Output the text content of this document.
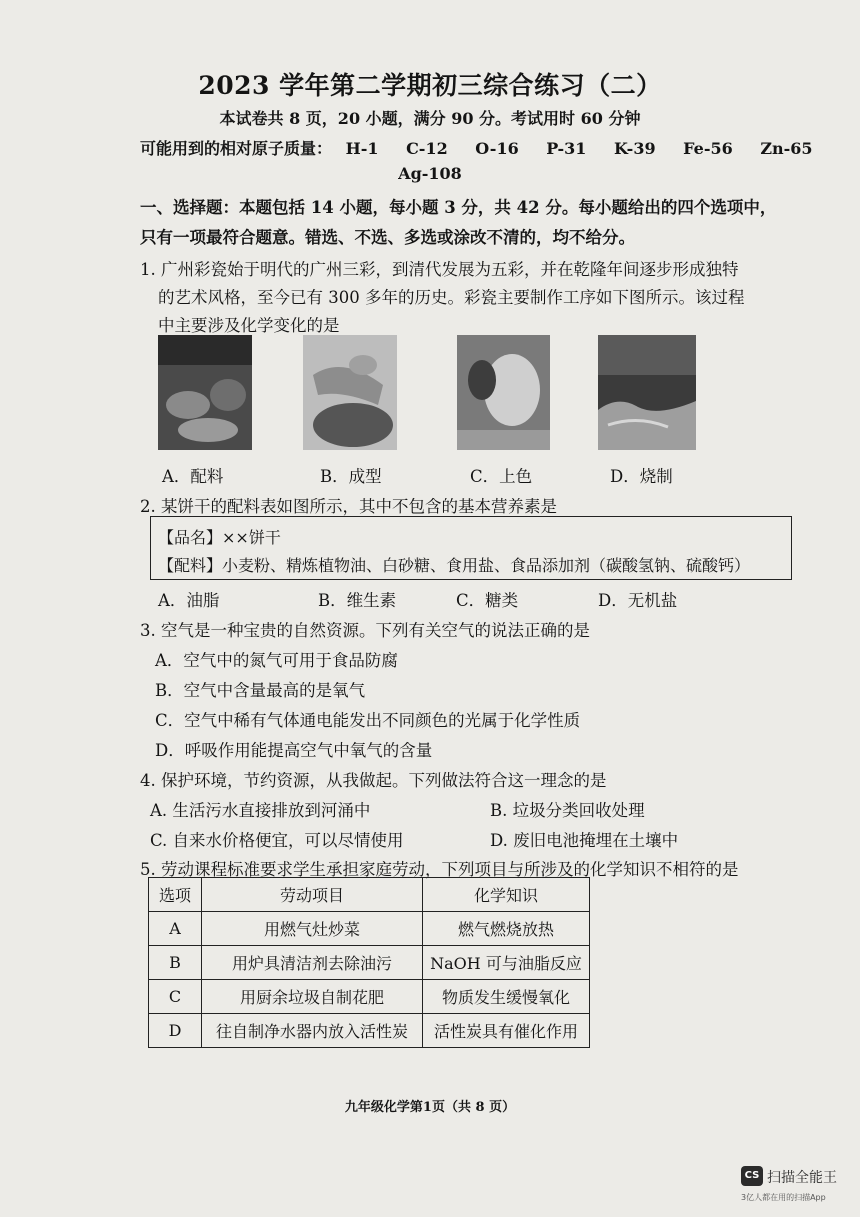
2023 学年第二学期初三综合练习（二）
本试卷共 8 页，20 小题，满分 90 分。考试用时 60 分钟
可能用到的相对原子质量： H-1 C-12 O-16 P-31 K-39 Fe-56 Zn-65
Ag-108
一、选择题：本题包括 14 小题，每小题 3 分，共 42 分。每小题给出的四个选项中，
只有一项最符合题意。错选、不选、多选或涂改不清的，均不给分。
1. 广州彩瓷始于明代的广州三彩，到清代发展为五彩，并在乾隆年间逐步形成独特
的艺术风格，至今已有 300 多年的历史。彩瓷主要制作工序如下图所示。该过程
中主要涉及化学变化的是
A．配料	B．成型	C．上色	D．烧制
2. 某饼干的配料表如图所示，其中不包含的基本营养素是
【品名】××饼干
【配料】小麦粉、精炼植物油、白砂糖、食用盐、食品添加剂（碳酸氢钠、硫酸钙）
A．油脂	B．维生素	C．糖类	D．无机盐
3. 空气是一种宝贵的自然资源。下列有关空气的说法正确的是
A．空气中的氮气可用于食品防腐
B．空气中含量最高的是氧气
C．空气中稀有气体通电能发出不同颜色的光属于化学性质
D．呼吸作用能提高空气中氧气的含量
4. 保护环境，节约资源，从我做起。下列做法符合这一理念的是
A. 生活污水直接排放到河涌中	B. 垃圾分类回收处理
C. 自来水价格便宜，可以尽情使用	D. 废旧电池掩埋在土壤中
5. 劳动课程标准要求学生承担家庭劳动，下列项目与所涉及的化学知识不相符的是
选项	劳动项目	化学知识
A	用燃气灶炒菜	燃气燃烧放热
B	用炉具清洁剂去除油污	NaOH 可与油脂反应
C	用厨余垃圾自制花肥	物质发生缓慢氧化
D	往自制净水器内放入活性炭	活性炭具有催化作用
九年级化学第1页（共 8 页）
CS 扫描全能王
3亿人都在用的扫描App
